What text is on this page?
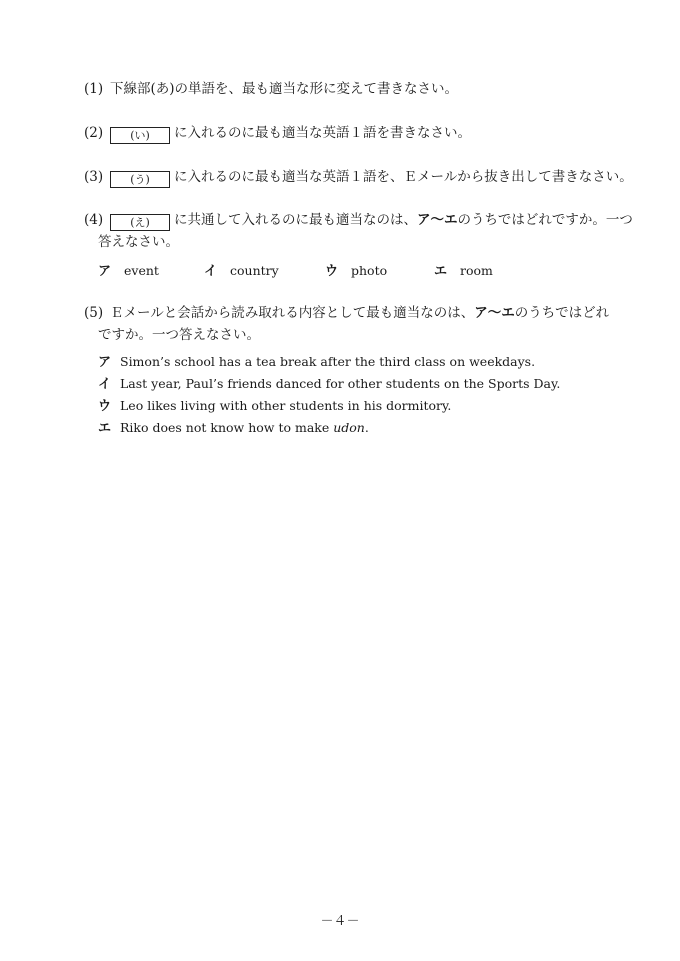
(1) 下線部(あ)の単語を、最も適当な形に変えて書きなさい。
(2) (い) に入れるのに最も適当な英語１語を書きなさい。
(3) (う) に入れるのに最も適当な英語１語を、Ｅメールから抜き出して書きなさい。
(4) (え) に共通して入れるのに最も適当なのは、ア〜エのうちではどれですか。一つ
答えなさい。
ア event	イ country	ウ photo	エ room
(5) Ｅメールと会話から読み取れる内容として最も適当なのは、ア〜エのうちではどれ
ですか。一つ答えなさい。
ア Simon’s school has a tea break after the third class on weekdays.
イ Last year, Paul’s friends danced for other students on the Sports Day.
ウ Leo likes living with other students in his dormitory.
エ Riko does not know how to make udon.
－４－
